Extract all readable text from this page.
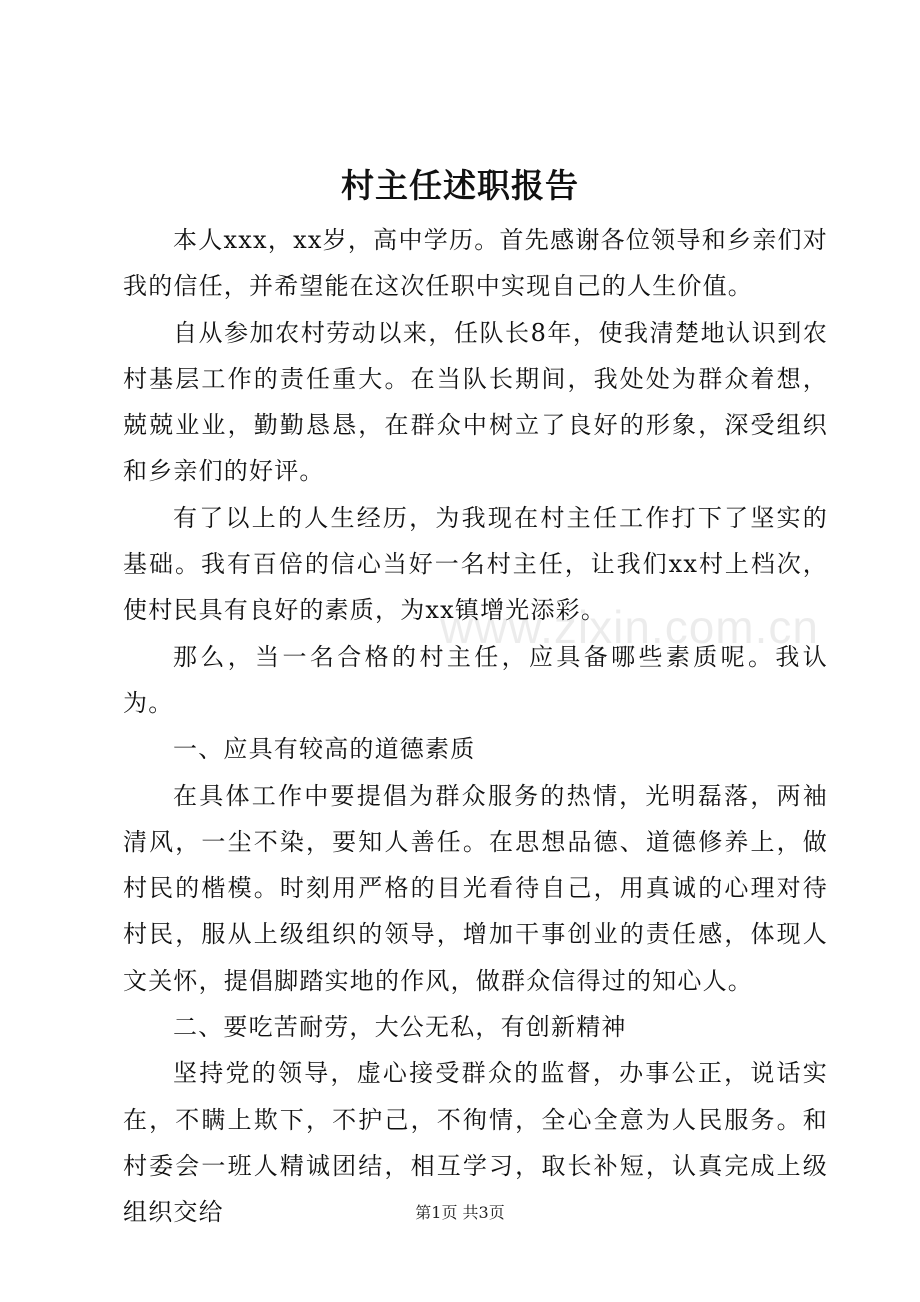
村主任述职报告

本人xxx，xx岁，高中学历。首先感谢各位领导和乡亲们对我的信任，并希望能在这次任职中实现自己的人生价值。

自从参加农村劳动以来，任队长8年，使我清楚地认识到农村基层工作的责任重大。在当队长期间，我处处为群众着想，兢兢业业，勤勤恳恳，在群众中树立了良好的形象，深受组织和乡亲们的好评。

有了以上的人生经历，为我现在村主任工作打下了坚实的基础。我有百倍的信心当好一名村主任，让我们xx村上档次，使村民具有良好的素质，为xx镇增光添彩。

那么，当一名合格的村主任，应具备哪些素质呢。我认为。

一、应具有较高的道德素质

在具体工作中要提倡为群众服务的热情，光明磊落，两袖清风，一尘不染，要知人善任。在思想品德、道德修养上，做村民的楷模。时刻用严格的目光看待自己，用真诚的心理对待村民，服从上级组织的领导，增加干事创业的责任感，体现人文关怀，提倡脚踏实地的作风，做群众信得过的知心人。

二、要吃苦耐劳，大公无私，有创新精神

坚持党的领导，虚心接受群众的监督，办事公正，说话实在，不瞒上欺下，不护己，不徇情，全心全意为人民服务。和村委会一班人精诚团结，相互学习，取长补短，认真完成上级组织交给

www.zixin.com.cn
第1页 共3页
